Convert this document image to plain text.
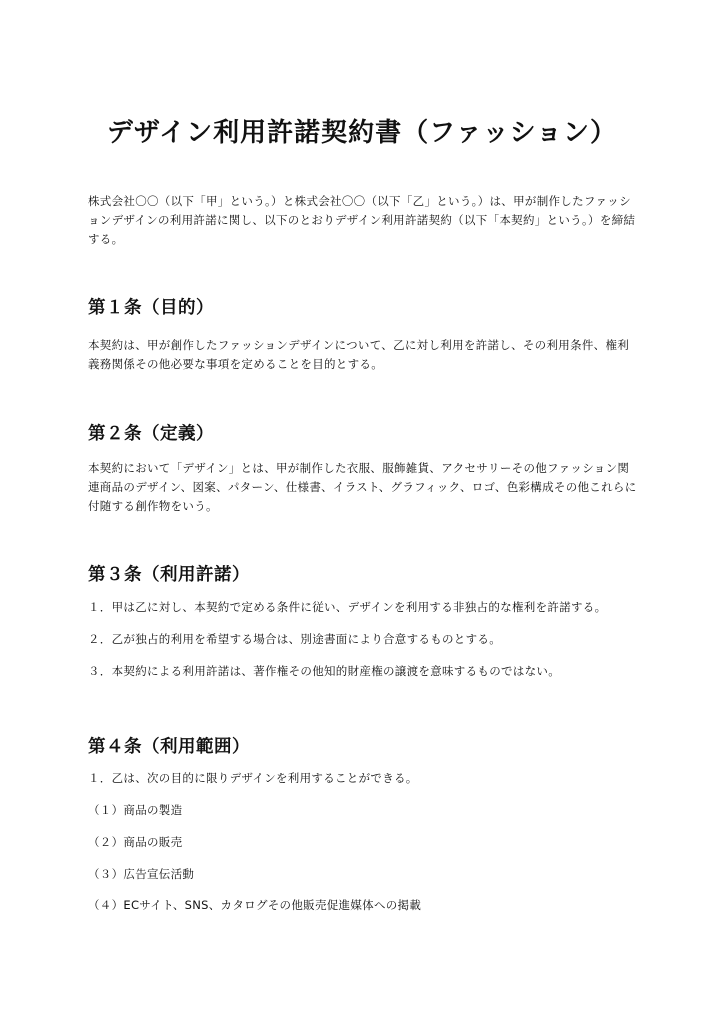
デザイン利用許諾契約書（ファッション）

株式会社〇〇（以下「甲」という。）と株式会社〇〇（以下「乙」という。）は、甲が制作したファッションデザインの利用許諾に関し、以下のとおりデザイン利用許諾契約（以下「本契約」という。）を締結する。

第１条（目的）

本契約は、甲が創作したファッションデザインについて、乙に対し利用を許諾し、その利用条件、権利義務関係その他必要な事項を定めることを目的とする。

第２条（定義）

本契約において「デザイン」とは、甲が制作した衣服、服飾雑貨、アクセサリーその他ファッション関連商品のデザイン、図案、パターン、仕様書、イラスト、グラフィック、ロゴ、色彩構成その他これらに付随する創作物をいう。

第３条（利用許諾）

１．甲は乙に対し、本契約で定める条件に従い、デザインを利用する非独占的な権利を許諾する。

２．乙が独占的利用を希望する場合は、別途書面により合意するものとする。

３．本契約による利用許諾は、著作権その他知的財産権の譲渡を意味するものではない。

第４条（利用範囲）

１．乙は、次の目的に限りデザインを利用することができる。

（１）商品の製造

（２）商品の販売

（３）広告宣伝活動

（４）ECサイト、SNS、カタログその他販売促進媒体への掲載
